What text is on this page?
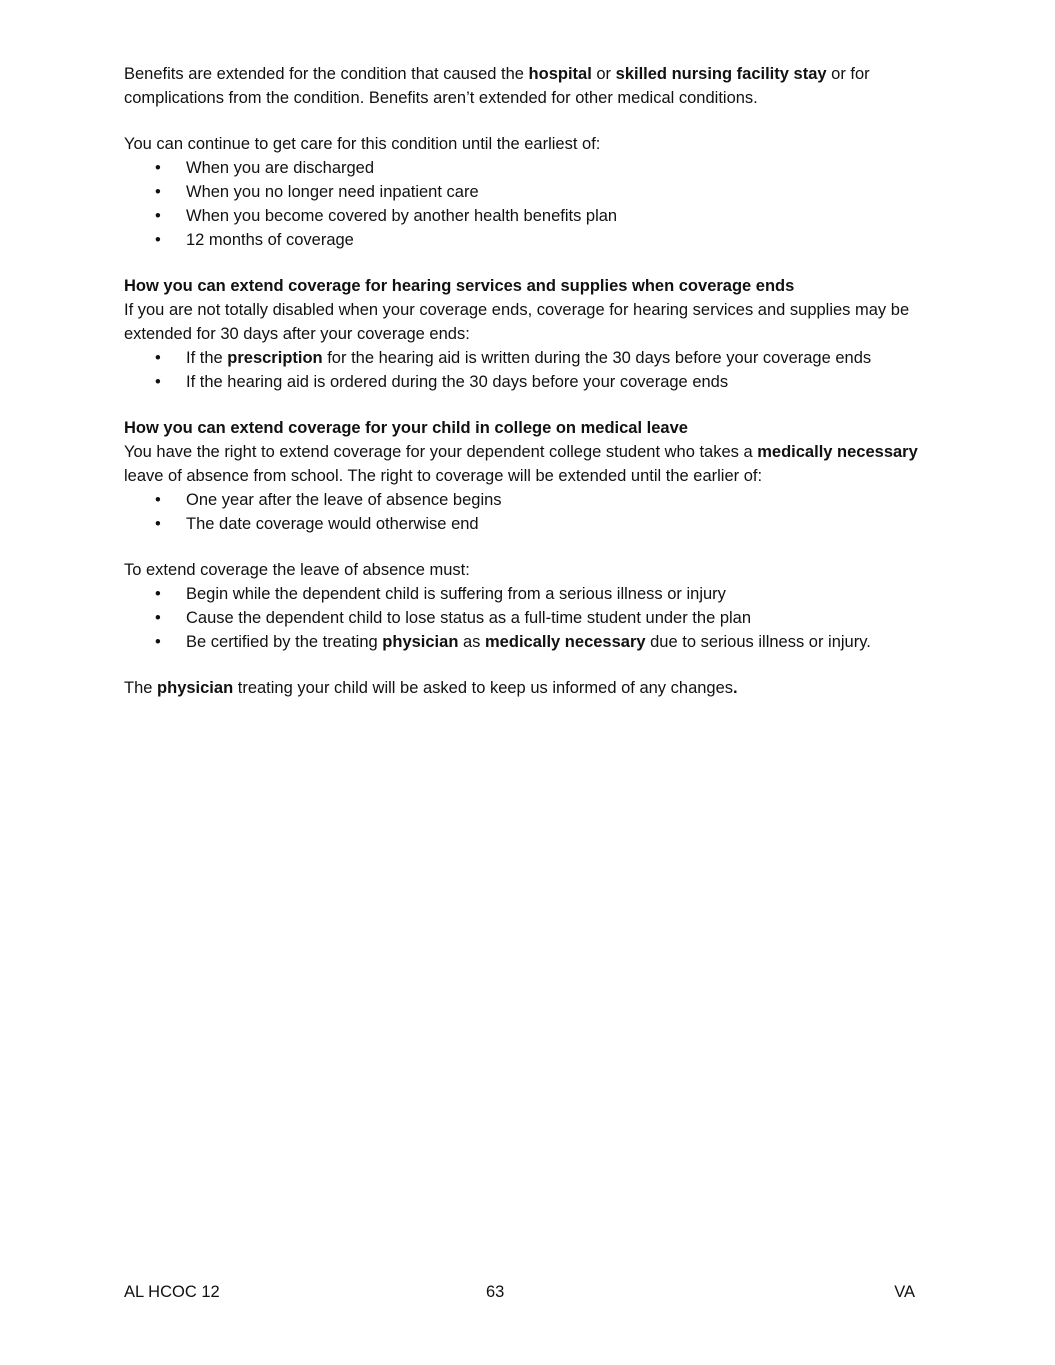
Benefits are extended for the condition that caused the hospital or skilled nursing facility stay or for complications from the condition. Benefits aren’t extended for other medical conditions.

You can continue to get care for this condition until the earliest of:

• When you are discharged
• When you no longer need inpatient care
• When you become covered by another health benefits plan
• 12 months of coverage

How you can extend coverage for hearing services and supplies when coverage ends

If you are not totally disabled when your coverage ends, coverage for hearing services and supplies may be extended for 30 days after your coverage ends:

• If the prescription for the hearing aid is written during the 30 days before your coverage ends
• If the hearing aid is ordered during the 30 days before your coverage ends

How you can extend coverage for your child in college on medical leave

You have the right to extend coverage for your dependent college student who takes a medically necessary leave of absence from school. The right to coverage will be extended until the earlier of:

• One year after the leave of absence begins
• The date coverage would otherwise end

To extend coverage the leave of absence must:

• Begin while the dependent child is suffering from a serious illness or injury
• Cause the dependent child to lose status as a full-time student under the plan
• Be certified by the treating physician as medically necessary due to serious illness or injury.

The physician treating your child will be asked to keep us informed of any changes.

AL HCOC 12	63	VA
